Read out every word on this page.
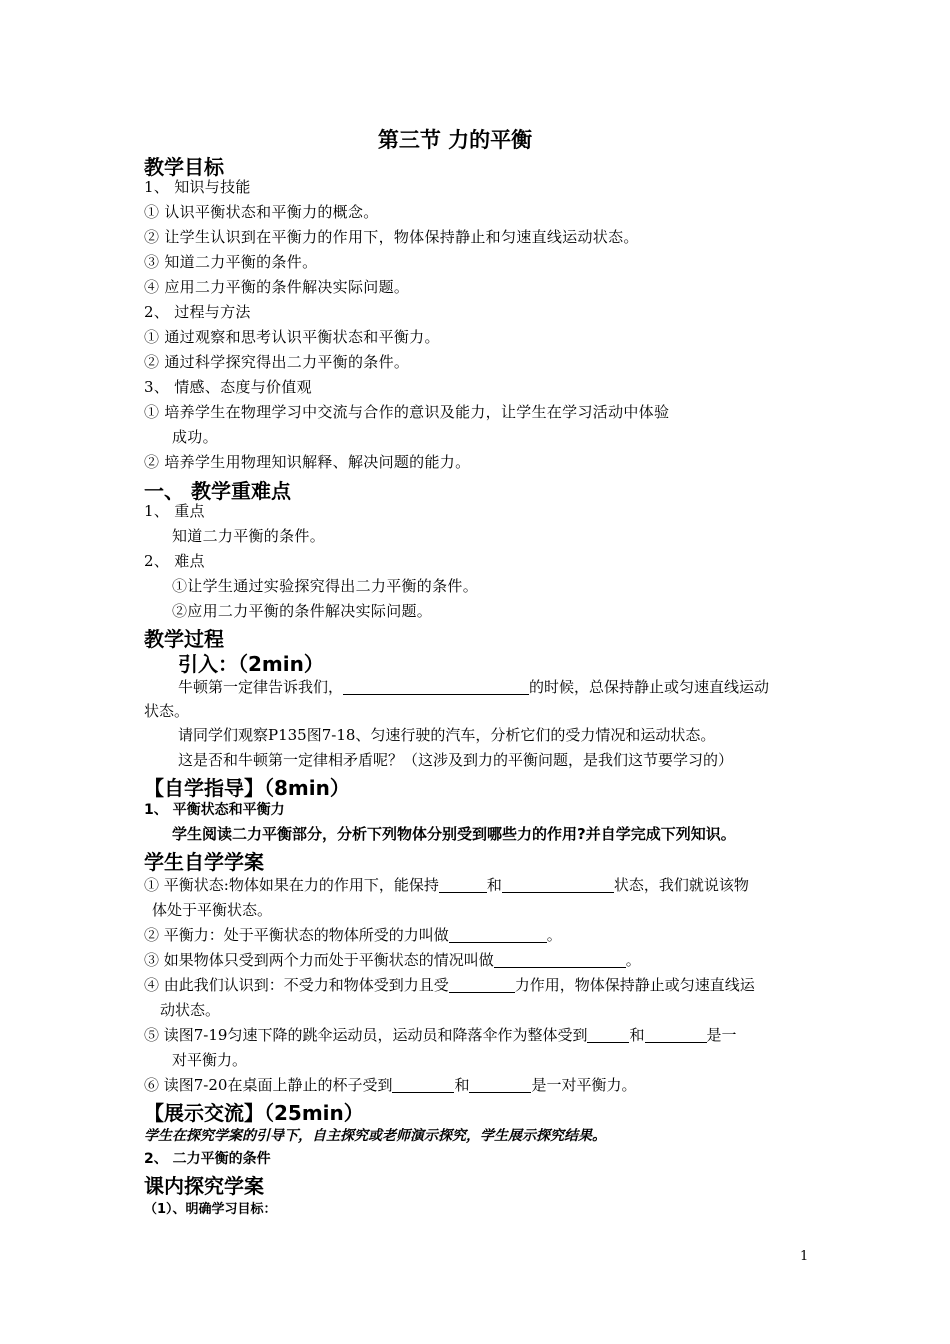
第三节 力的平衡
教学目标
1、 知识与技能
① 认识平衡状态和平衡力的概念。
② 让学生认识到在平衡力的作用下，物体保持静止和匀速直线运动状态。
③ 知道二力平衡的条件。
④ 应用二力平衡的条件解决实际问题。
2、 过程与方法
① 通过观察和思考认识平衡状态和平衡力。
② 通过科学探究得出二力平衡的条件。
3、 情感、态度与价值观
① 培养学生在物理学习中交流与合作的意识及能力，让学生在学习活动中体验
成功。
② 培养学生用物理知识解释、解决问题的能力。
一、 教学重难点
1、 重点
知道二力平衡的条件。
2、 难点
①让学生通过实验探究得出二力平衡的条件。
②应用二力平衡的条件解决实际问题。
教学过程
引入：（2min）
牛顿第一定律告诉我们，	的时候，总保持静止或匀速直线运动
状态。
请同学们观察P135图7-18、匀速行驶的汽车，分析它们的受力情况和运动状态。
这是否和牛顿第一定律相矛盾呢？（这涉及到力的平衡问题，是我们这节要学习的）
【自学指导】（8min）
1、 平衡状态和平衡力
学生阅读二力平衡部分，分析下列物体分别受到哪些力的作用?并自学完成下列知识。
学生自学学案
① 平衡状态:物体如果在力的作用下，能保持	和	状态，我们就说该物
体处于平衡状态。
② 平衡力：处于平衡状态的物体所受的力叫做	。
③ 如果物体只受到两个力而处于平衡状态的情况叫做	。
④ 由此我们认识到：不受力和物体受到力且受	力作用，物体保持静止或匀速直线运
动状态。
⑤ 读图7-19匀速下降的跳伞运动员，运动员和降落伞作为整体受到	和	是一
对平衡力。
⑥ 读图7-20在桌面上静止的杯子受到	和	是一对平衡力。
【展示交流】（25min）
学生在探究学案的引导下，自主探究或老师演示探究，学生展示探究结果。
2、 二力平衡的条件
课内探究学案
（1）、明确学习目标：
1
